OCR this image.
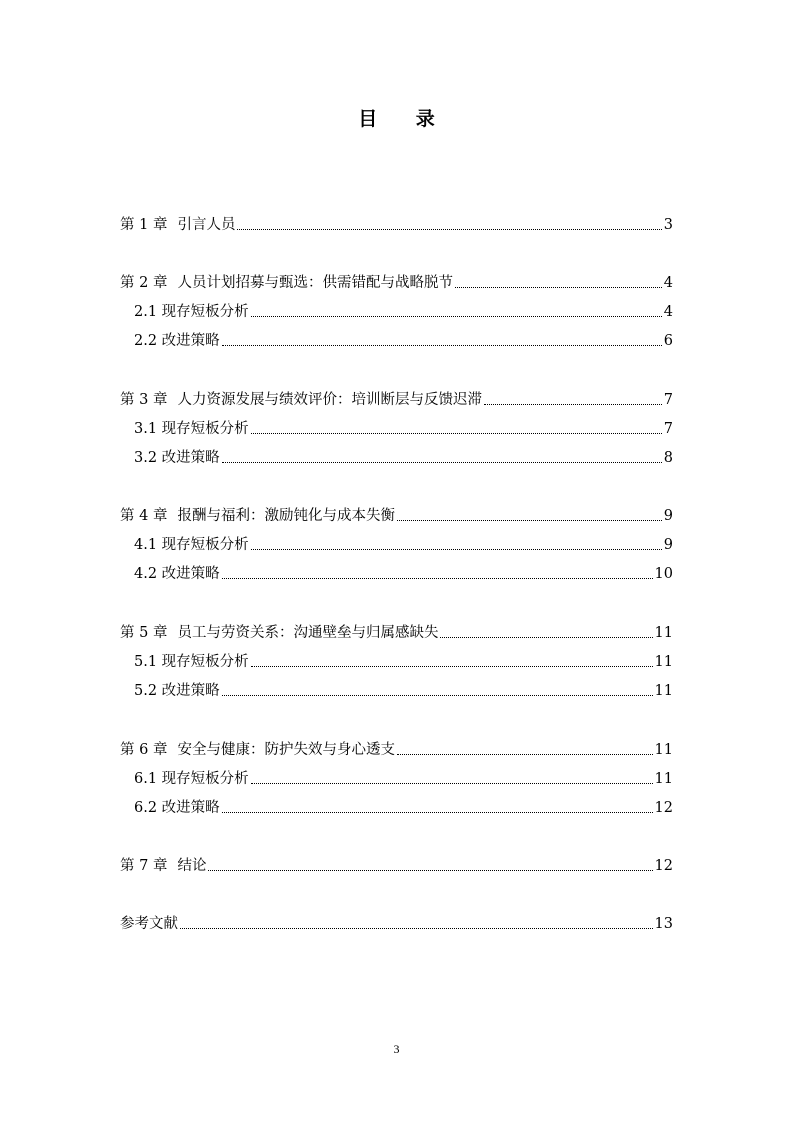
目 录
第 1 章 引言人员	3
第 2 章 人员计划招募与甄选：供需错配与战略脱节	4
2.1 现存短板分析	4
2.2 改进策略	6
第 3 章 人力资源发展与绩效评价：培训断层与反馈迟滞	7
3.1 现存短板分析	7
3.2 改进策略	8
第 4 章 报酬与福利：激励钝化与成本失衡	9
4.1 现存短板分析	9
4.2 改进策略	10
第 5 章 员工与劳资关系：沟通壁垒与归属感缺失	11
5.1 现存短板分析	11
5.2 改进策略	11
第 6 章 安全与健康：防护失效与身心透支	11
6.1 现存短板分析	11
6.2 改进策略	12
第 7 章 结论	12
参考文献	13
3
